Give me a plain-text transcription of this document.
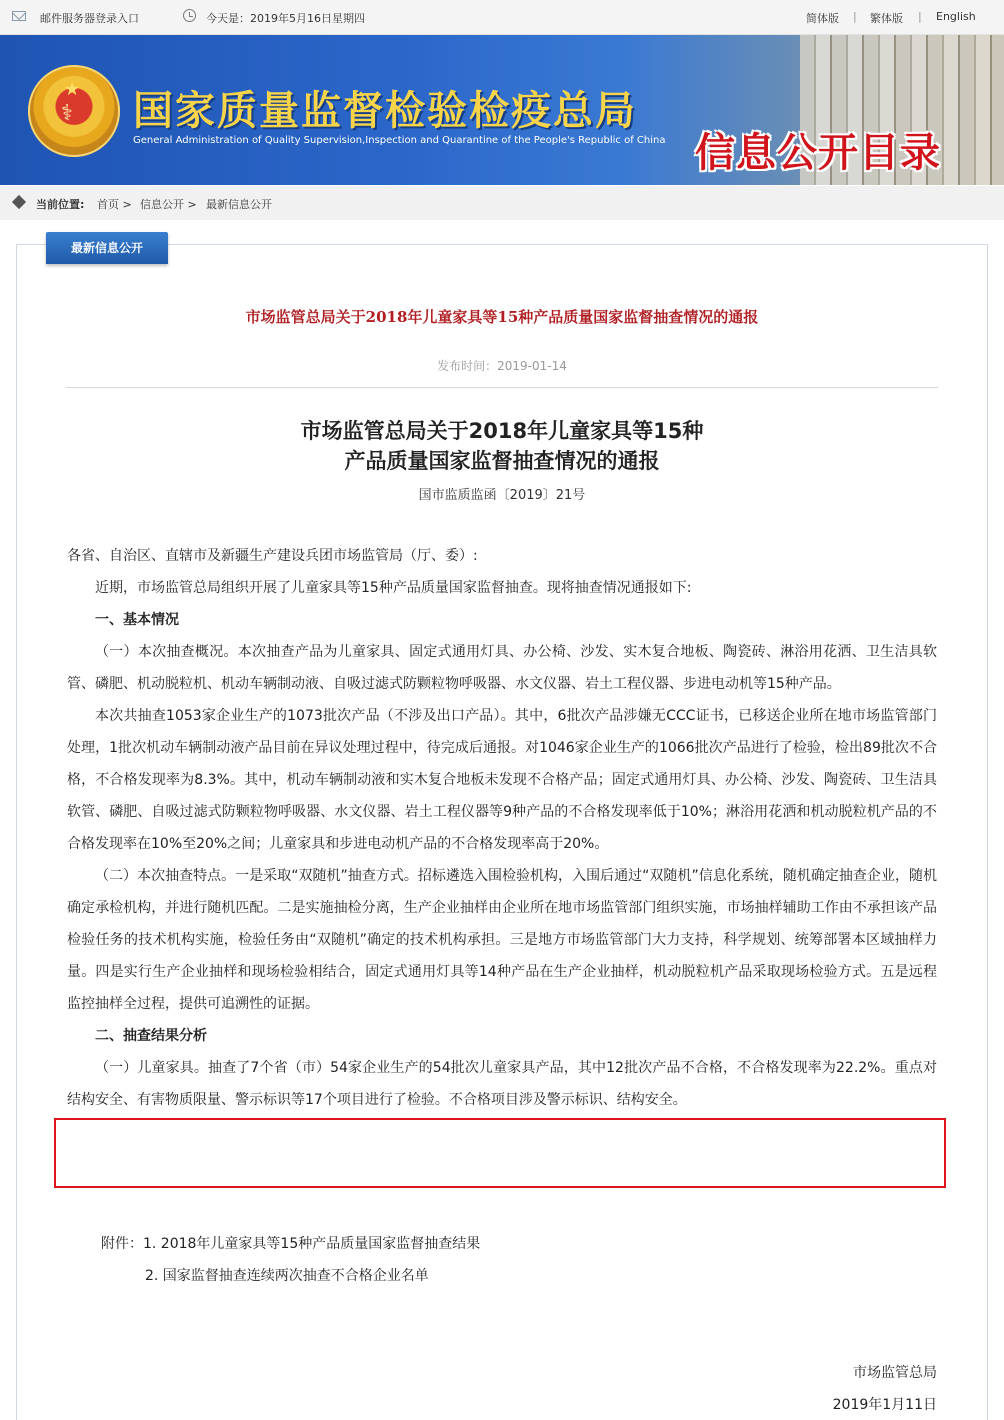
邮件服务器登录入口	今天是：2019年5月16日星期四	简体版 | 繁体版 | English
★
⚕ 国家质量监督检验检疫总局
General Administration of Quality Supervision,Inspection and Quarantine of the People's Republic of China 信息公开目录
当前位置: 首页 > 信息公开 > 最新信息公开
最新信息公开
市场监管总局关于2018年儿童家具等15种产品质量国家监督抽查情况的通报
发布时间：2019-01-14
市场监管总局关于2018年儿童家具等15种
产品质量国家监督抽查情况的通报
国市监质监函〔2019〕21号

各省、自治区、直辖市及新疆生产建设兵团市场监管局（厅、委）:

近期，市场监管总局组织开展了儿童家具等15种产品质量国家监督抽查。现将抽查情况通报如下:

一、基本情况

（一）本次抽查概况。本次抽查产品为儿童家具、固定式通用灯具、办公椅、沙发、实木复合地板、陶瓷砖、淋浴用花洒、卫生洁具软管、磷肥、机动脱粒机、机动车辆制动液、自吸过滤式防颗粒物呼吸器、水文仪器、岩土工程仪器、步进电动机等15种产品。

本次共抽查1053家企业生产的1073批次产品（不涉及出口产品）。其中，6批次产品涉嫌无CCC证书，已移送企业所在地市场监管部门处理，1批次机动车辆制动液产品目前在异议处理过程中，待完成后通报。对1046家企业生产的1066批次产品进行了检验，检出89批次不合格，不合格发现率为8.3%。其中，机动车辆制动液和实木复合地板未发现不合格产品；固定式通用灯具、办公椅、沙发、陶瓷砖、卫生洁具软管、磷肥、自吸过滤式防颗粒物呼吸器、水文仪器、岩土工程仪器等9种产品的不合格发现率低于10%；淋浴用花洒和机动脱粒机产品的不合格发现率在10%至20%之间；儿童家具和步进电动机产品的不合格发现率高于20%。

（二）本次抽查特点。一是采取“双随机”抽查方式。招标遴选入围检验机构，入围后通过“双随机”信息化系统，随机确定抽查企业，随机确定承检机构，并进行随机匹配。二是实施抽检分离，生产企业抽样由企业所在地市场监管部门组织实施，市场抽样辅助工作由不承担该产品检验任务的技术机构实施，检验任务由“双随机”确定的技术机构承担。三是地方市场监管部门大力支持，科学规划、统筹部署本区域抽样力量。四是实行生产企业抽样和现场检验相结合，固定式通用灯具等14种产品在生产企业抽样，机动脱粒机产品采取现场检验方式。五是远程监控抽样全过程，提供可追溯性的证据。

二、抽查结果分析

（一）儿童家具。抽查了7个省（市）54家企业生产的54批次儿童家具产品，其中12批次产品不合格，不合格发现率为22.2%。重点对结构安全、有害物质限量、警示标识等17个项目进行了检验。不合格项目涉及警示标识、结构安全。

附件：1. 2018年儿童家具等15种产品质量国家监督抽查结果

2. 国家监督抽查连续两次抽查不合格企业名单

市场监管总局
2019年1月11日
